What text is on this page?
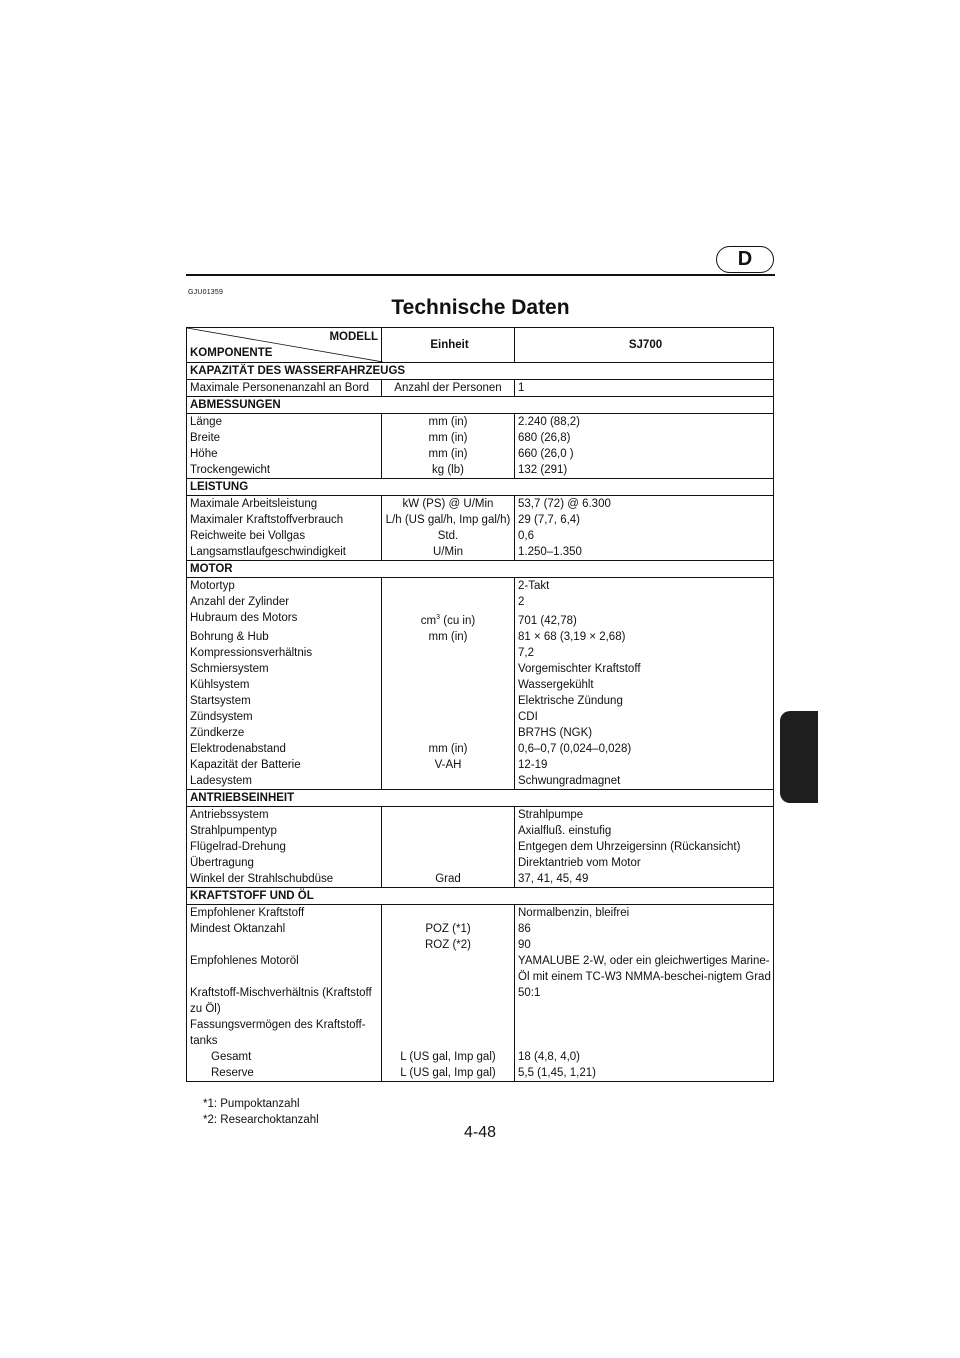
D
GJU01359
Technische Daten
MODELL
KOMPONENTE	Einheit	SJ700
KAPAZITÄT DES WASSERFAHRZEUGS		
Maximale Personenanzahl an Bord	Anzahl der Personen	1
ABMESSUNGEN		
Länge	mm (in)	2.240 (88,2)
Breite	mm (in)	680 (26,8)
Höhe	mm (in)	660 (26,0 )
Trockengewicht	kg (lb)	132 (291)
LEISTUNG		
Maximale Arbeitsleistung	kW (PS) @ U/Min	53,7 (72) @ 6.300
Maximaler Kraftstoffverbrauch	L/h (US gal/h, Imp gal/h)	29 (7,7, 6,4)
Reichweite bei Vollgas	Std.	0,6
Langsamstlaufgeschwindigkeit	U/Min	1.250–1.350
MOTOR		
Motortyp		2-Takt
Anzahl der Zylinder		2
Hubraum des Motors	$cm^3$ (cu in)	701 (42,78)
Bohrung & Hub	mm (in)	81 × 68 (3,19 × 2,68)
Kompressionsverhältnis		7,2
Schmiersystem		Vorgemischter Kraftstoff
Kühlsystem		Wassergekühlt
Startsystem		Elektrische Zündung
Zündsystem		CDI
Zündkerze		BR7HS (NGK)
Elektrodenabstand	mm (in)	0,6–0,7 (0,024–0,028)
Kapazität der Batterie	V-AH	12-19
Ladesystem		Schwungradmagnet
ANTRIEBSEINHEIT		
Antriebssystem		Strahlpumpe
Strahlpumpentyp		Axialfluß. einstufig
Flügelrad-Drehung		Entgegen dem Uhrzeigersinn (Rückansicht)
Übertragung		Direktantrieb vom Motor
Winkel der Strahlschubdüse	Grad	37, 41, 45, 49
KRAFTSTOFF UND ÖL		
Empfohlener Kraftstoff		Normalbenzin, bleifrei
Mindest Oktanzahl	POZ (*1)	86
	ROZ (*2)	90
Empfohlenes Motoröl		YAMALUBE 2-W, oder ein gleichwertiges Marine-Öl mit einem TC-W3 NMMA-beschei-nigtem Grad
Kraftstoff-Mischverhältnis (Kraftstoff zu Öl)		50:1
Fassungsvermögen des Kraftstoff-tanks		
Gesamt	L (US gal, Imp gal)	18 (4,8, 4,0)
Reserve	L (US gal, Imp gal)	5,5 (1,45, 1,21)
*1: Pumpoktanzahl
*2: Researchoktanzahl
4-48
